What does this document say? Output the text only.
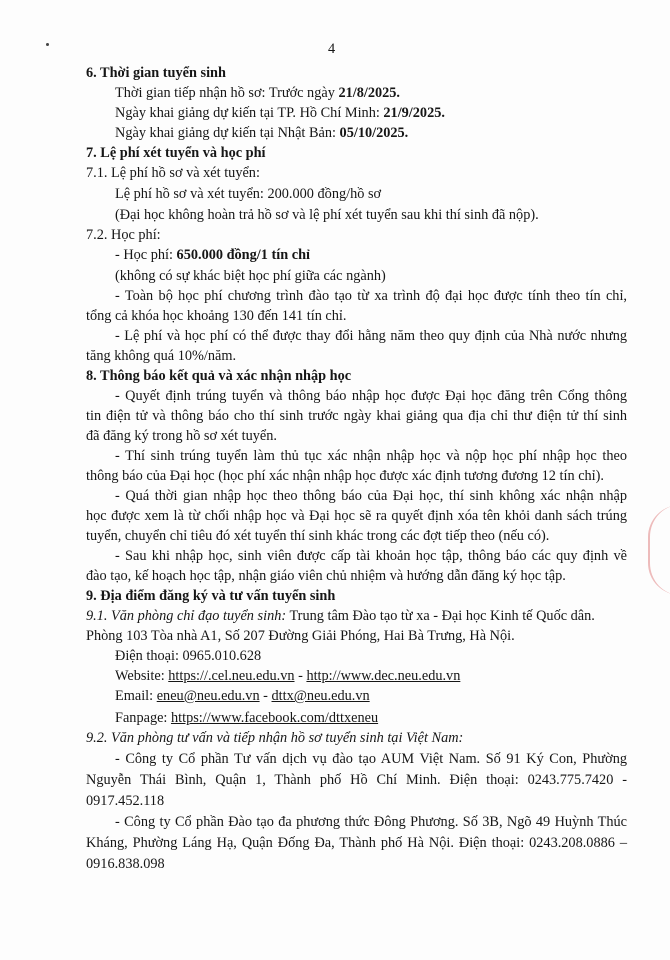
4
6. Thời gian tuyển sinh
Thời gian tiếp nhận hồ sơ: Trước ngày 21/8/2025.
Ngày khai giảng dự kiến tại TP. Hồ Chí Minh: 21/9/2025.
Ngày khai giảng dự kiến tại Nhật Bản: 05/10/2025.
7. Lệ phí xét tuyển và học phí
7.1. Lệ phí hồ sơ và xét tuyển:
Lệ phí hồ sơ và xét tuyển: 200.000 đồng/hồ sơ
(Đại học không hoàn trả hồ sơ và lệ phí xét tuyển sau khi thí sinh đã nộp).
7.2. Học phí:
- Học phí: 650.000 đồng/1 tín chỉ
(không có sự khác biệt học phí giữa các ngành)
- Toàn bộ học phí chương trình đào tạo từ xa trình độ đại học được tính theo tín chỉ,
tổng cả khóa học khoảng 130 đến 141 tín chỉ.
- Lệ phí và học phí có thể được thay đổi hằng năm theo quy định của Nhà nước nhưng
tăng không quá 10%/năm.
8. Thông báo kết quả và xác nhận nhập học
- Quyết định trúng tuyển và thông báo nhập học được Đại học đăng trên Cổng thông
tin điện tử và thông báo cho thí sinh trước ngày khai giảng qua địa chỉ thư điện tử thí sinh
đã đăng ký trong hồ sơ xét tuyển.
- Thí sinh trúng tuyển làm thủ tục xác nhận nhập học và nộp học phí nhập học theo
thông báo của Đại học (học phí xác nhận nhập học được xác định tương đương 12 tín chỉ).
- Quá thời gian nhập học theo thông báo của Đại học, thí sinh không xác nhận nhập
học được xem là từ chối nhập học và Đại học sẽ ra quyết định xóa tên khỏi danh sách trúng
tuyển, chuyển chỉ tiêu đó xét tuyển thí sinh khác trong các đợt tiếp theo (nếu có).
- Sau khi nhập học, sinh viên được cấp tài khoản học tập, thông báo các quy định về
đào tạo, kế hoạch học tập, nhận giáo viên chủ nhiệm và hướng dẫn đăng ký học tập.
9. Địa điểm đăng ký và tư vấn tuyển sinh
9.1. Văn phòng chỉ đạo tuyển sinh: Trung tâm Đào tạo từ xa - Đại học Kinh tế Quốc dân.
Phòng 103 Tòa nhà A1, Số 207 Đường Giải Phóng, Hai Bà Trưng, Hà Nội.
Điện thoại: 0965.010.628
Website: https://.cel.neu.edu.vn - http://www.dec.neu.edu.vn
Email: eneu@neu.edu.vn - dttx@neu.edu.vn
Fanpage: https://www.facebook.com/dttxeneu
9.2. Văn phòng tư vấn và tiếp nhận hồ sơ tuyển sinh tại Việt Nam:
- Công ty Cổ phần Tư vấn dịch vụ đào tạo AUM Việt Nam. Số 91 Ký Con, Phường
Nguyễn Thái Bình, Quận 1, Thành phố Hồ Chí Minh. Điện thoại: 0243.775.7420 -
0917.452.118
- Công ty Cổ phần Đào tạo đa phương thức Đông Phương. Số 3B, Ngõ 49 Huỳnh Thúc
Kháng, Phường Láng Hạ, Quận Đống Đa, Thành phố Hà Nội. Điện thoại: 0243.208.0886 –
0916.838.098
